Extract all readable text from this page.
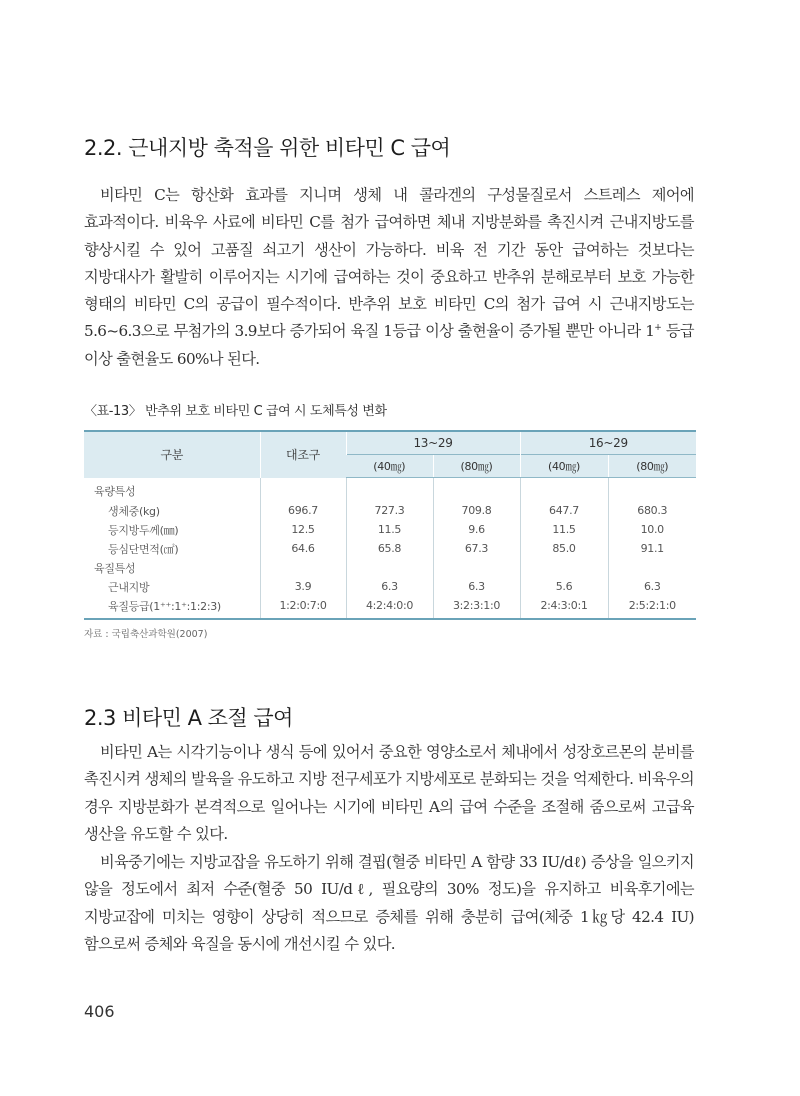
2.2. 근내지방 축적을 위한 비타민 C 급여

비타민 C는 항산화 효과를 지니며 생체 내 콜라겐의 구성물질로서 스트레스 제어에 효과적이다. 비육우 사료에 비타민 C를 첨가 급여하면 체내 지방분화를 촉진시켜 근내지방도를 향상시킬 수 있어 고품질 쇠고기 생산이 가능하다. 비육 전 기간 동안 급여하는 것보다는 지방대사가 활발히 이루어지는 시기에 급여하는 것이 중요하고 반추위 분해로부터 보호 가능한 형태의 비타민 C의 공급이 필수적이다. 반추위 보호 비타민 C의 첨가 급여 시 근내지방도는 5.6~6.3으로 무첨가의 3.9보다 증가되어 육질 1등급 이상 출현율이 증가될 뿐만 아니라 1+ 등급 이상 출현율도 60%나 된다.

〈표-13〉 반추위 보호 비타민 C 급여 시 도체특성 변화
구분	대조구	13~29		16~29	
		(40㎎)	(80㎎)	(40㎎)	(80㎎)
육량특성					
생체중(kg)	696.7	727.3	709.8	647.7	680.3
등지방두께(㎜)	12.5	11.5	9.6	11.5	10.0
등심단면적(㎠)	64.6	65.8	67.3	85.0	91.1
육질특성					
근내지방	3.9	6.3	6.3	5.6	6.3
육질등급(1⁺⁺:1⁺:1:2:3)	1:2:0:7:0	4:2:4:0:0	3:2:3:1:0	2:4:3:0:1	2:5:2:1:0
자료 : 국립축산과학원(2007)
2.3 비타민 A 조절 급여

비타민 A는 시각기능이나 생식 등에 있어서 중요한 영양소로서 체내에서 성장호르몬의 분비를 촉진시켜 생체의 발육을 유도하고 지방 전구세포가 지방세포로 분화되는 것을 억제한다. 비육우의 경우 지방분화가 본격적으로 일어나는 시기에 비타민 A의 급여 수준을 조절해 줌으로써 고급육 생산을 유도할 수 있다.

비육중기에는 지방교잡을 유도하기 위해 결핍(혈중 비타민 A 함량 33 IU/dℓ) 증상을 일으키지 않을 정도에서 최저 수준(혈중 50 IU/dℓ, 필요량의 30% 정도)을 유지하고 비육후기에는 지방교잡에 미치는 영향이 상당히 적으므로 증체를 위해 충분히 급여(체중 1㎏당 42.4 IU) 함으로써 증체와 육질을 동시에 개선시킬 수 있다.

406
